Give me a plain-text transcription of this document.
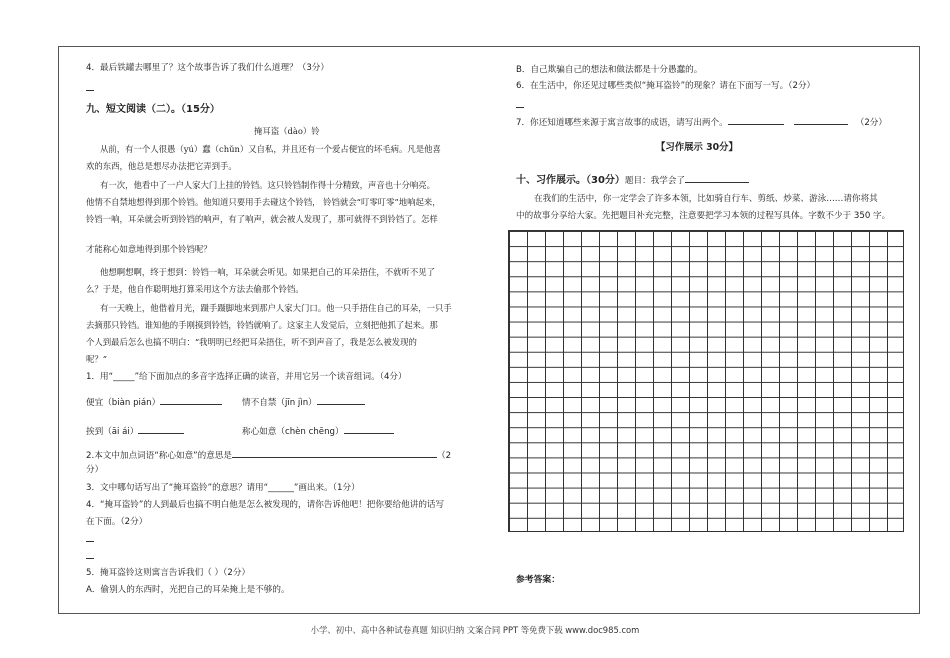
4．最后铁罐去哪里了？这个故事告诉了我们什么道理？（3分）
九、短文阅读（二）。（15分）
掩耳盗（dào）铃
从前，有一个人很愚（yú）蠢（chǔn）又自私，并且还有一个爱占便宜的坏毛病。凡是他喜
欢的东西，他总是想尽办法把它弄到手。
有一次，他看中了一户人家大门上挂的铃铛。这只铃铛制作得十分精致，声音也十分响亮。
他情不自禁地想得到那个铃铛。他知道只要用手去碰这个铃铛， 铃铛就会“叮零叮零”地响起来，
铃铛一响，耳朵就会听到铃铛的响声，有了响声，就会被人发现了，那可就得不到铃铛了。怎样
才能称心如意地得到那个铃铛呢？
他想啊想啊，终于想到：铃铛一响，耳朵就会听见。如果把自己的耳朵捂住，不就听不见了
么？于是，他自作聪明地打算采用这个方法去偷那个铃铛。
有一天晚上，他借着月光，蹑手蹑脚地来到那户人家大门口。他一只手捂住自己的耳朵，一只手
去摘那只铃铛。谁知他的手刚摸到铃铛，铃铛就响了。这家主人发觉后，立刻把他抓了起来。那
个人到最后怎么也搞不明白：“我明明已经把耳朵捂住，听不到声音了，我是怎么被发现的
呢？”
1．用“_____”给下面加点的多音字选择正确的读音，并用它另一个读音组词。（4分）
便宜（biàn pián）	情不自禁（jīn jìn）
挨到（āi ái）	称心如意（chèn chēng）
2.本文中加点词语“称心如意”的意思是	（2
分）
3．文中哪句话写出了“掩耳盗铃”的意思？请用“______”画出来。（1分）
4．“掩耳盗铃”的人到最后也搞不明白他是怎么被发现的，请你告诉他吧！把你要给他讲的话写
在下面。（2分）
5．掩耳盗铃这则寓言告诉我们（ ）（2分）
A．偷别人的东西时，光把自己的耳朵掩上是不够的。
B．自己欺骗自己的想法和做法都是十分愚蠢的。
6．在生活中，你还见过哪些类似“掩耳盗铃”的现象？请在下面写一写。（2分）
7．你还知道哪些来源于寓言故事的成语，请写出两个。	（2分）
【习作展示 30分】
十、习作展示。（30分）题目：我学会了
在我们的生活中，你一定学会了许多本领，比如骑自行车、剪纸、炒菜、游泳……请你将其
中的故事分享给大家。先把题目补充完整，注意要把学习本领的过程写具体。字数不少于 350 字。
参考答案：
小学、初中、高中各种试卷真题 知识归纳 文案合同 PPT 等免费下载 www.doc985.com
